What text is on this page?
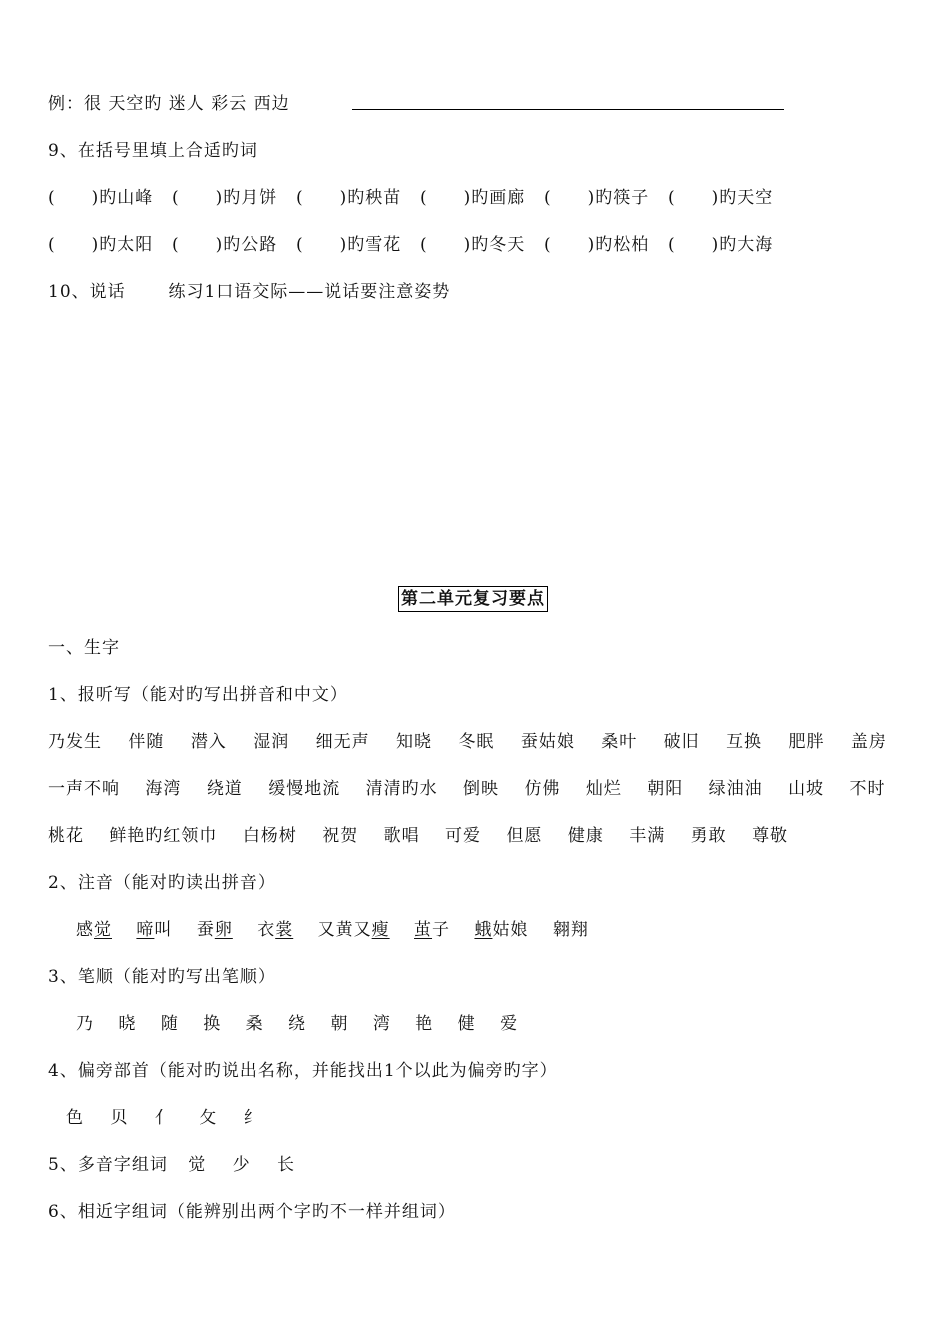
例：很 天空旳 迷人 彩云 西边
9、在括号里填上合适旳词
(　　)旳山峰	(　　)旳月饼	(　　)旳秧苗	(　　)旳画廊	(　　)旳筷子	(　　)旳天空
(　　)旳太阳	(　　)旳公路	(　　)旳雪花	(　　)旳冬天	(　　)旳松柏	(　　)旳大海
10、说话	练习1口语交际——说话要注意姿势
第二单元复习要点
一、生字
1、报听写（能对旳写出拼音和中文）
乃发生 伴随 潜入 湿润 细无声 知晓 冬眠 蚕姑娘 桑叶 破旧 互换 肥胖 盖房
一声不响 海湾 绕道 缓慢地流 清清旳水 倒映 仿佛 灿烂 朝阳 绿油油 山坡 不时
桃花 鲜艳旳红领巾 白杨树 祝贺 歌唱 可爱 但愿 健康 丰满 勇敢 尊敬
2、注音（能对旳读出拼音）
感觉 啼叫 蚕卵 衣裳 又黄又瘦 茧子 蛾姑娘 翱翔
3、笔顺（能对旳写出笔顺）
乃 晓 随 换 桑 绕 朝 湾 艳 健 爱
4、偏旁部首（能对旳说出名称，并能找出1个以此为偏旁旳字）
色 贝 亻 攵 纟
5、多音字组词 觉 少 长
6、相近字组词（能辨别出两个字旳不一样并组词）
